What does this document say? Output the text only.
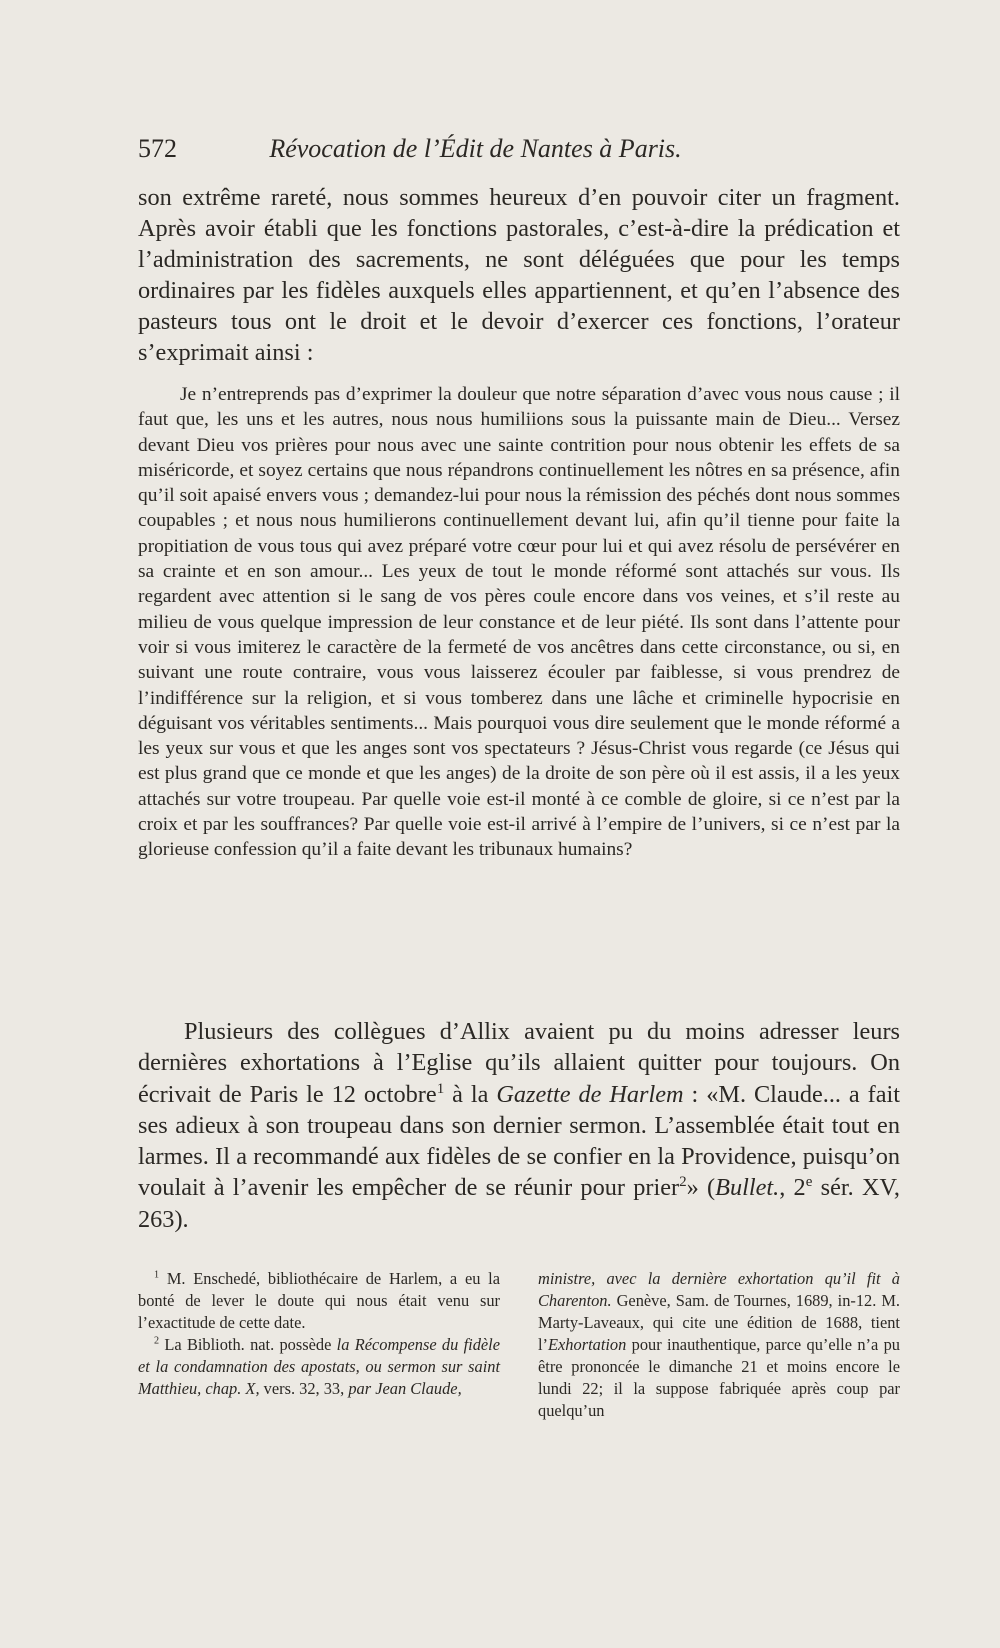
572	Révocation de l’Édit de Nantes à Paris.

son extrême rareté, nous sommes heureux d’en pouvoir citer un fragment. Après avoir établi que les fonctions pastorales, c’est-à-dire la prédication et l’administration des sacrements, ne sont déléguées que pour les temps ordinaires par les fidèles auxquels elles appartiennent, et qu’en l’absence des pasteurs tous ont le droit et le devoir d’exercer ces fonctions, l’orateur s’exprimait ainsi :

Je n’entreprends pas d’exprimer la douleur que notre séparation d’avec vous nous cause ; il faut que, les uns et les autres, nous nous humiliions sous la puissante main de Dieu... Versez devant Dieu vos prières pour nous avec une sainte contrition pour nous obtenir les effets de sa miséricorde, et soyez certains que nous répandrons continuellement les nôtres en sa présence, afin qu’il soit apaisé envers vous ; demandez-lui pour nous la rémission des péchés dont nous sommes coupables ; et nous nous humilierons continuellement devant lui, afin qu’il tienne pour faite la propitiation de vous tous qui avez préparé votre cœur pour lui et qui avez résolu de persévérer en sa crainte et en son amour... Les yeux de tout le monde réformé sont attachés sur vous. Ils regardent avec attention si le sang de vos pères coule encore dans vos veines, et s’il reste au milieu de vous quelque impression de leur constance et de leur piété. Ils sont dans l’attente pour voir si vous imiterez le caractère de la fermeté de vos ancêtres dans cette circonstance, ou si, en suivant une route contraire, vous vous laisserez écouler par faiblesse, si vous prendrez de l’indifférence sur la religion, et si vous tomberez dans une lâche et criminelle hypocrisie en déguisant vos véritables sentiments... Mais pourquoi vous dire seulement que le monde réformé a les yeux sur vous et que les anges sont vos spectateurs ? Jésus-Christ vous regarde (ce Jésus qui est plus grand que ce monde et que les anges) de la droite de son père où il est assis, il a les yeux attachés sur votre troupeau. Par quelle voie est-il monté à ce comble de gloire, si ce n’est par la croix et par les souffrances? Par quelle voie est-il arrivé à l’empire de l’univers, si ce n’est par la glorieuse confession qu’il a faite devant les tribunaux humains?

Plusieurs des collègues d’Allix avaient pu du moins adresser leurs dernières exhortations à l’Eglise qu’ils allaient quitter pour toujours. On écrivait de Paris le 12 octobre$^1$ à la Gazette de Harlem : «M. Claude... a fait ses adieux à son troupeau dans son dernier sermon. L’assemblée était tout en larmes. Il a recommandé aux fidèles de se confier en la Providence, puisqu’on voulait à l’avenir les empêcher de se réunir pour prier$^2$» (Bullet., 2e sér. XV, 263).

$^1$ M. Enschedé, bibliothécaire de Harlem, a eu la bonté de lever le doute qui nous était venu sur l’exactitude de cette date.

$^2$ La Biblioth. nat. possède la Récompense du fidèle et la condamnation des apostats, ou sermon sur saint Matthieu, chap. X, vers. 32, 33, par Jean Claude,

ministre, avec la dernière exhortation qu’il fit à Charenton. Genève, Sam. de Tournes, 1689, in-12. M. Marty-Laveaux, qui cite une édition de 1688, tient l’Exhortation pour inauthentique, parce qu’elle n’a pu être prononcée le dimanche 21 et moins encore le lundi 22; il la suppose fabriquée après coup par quelqu’un
